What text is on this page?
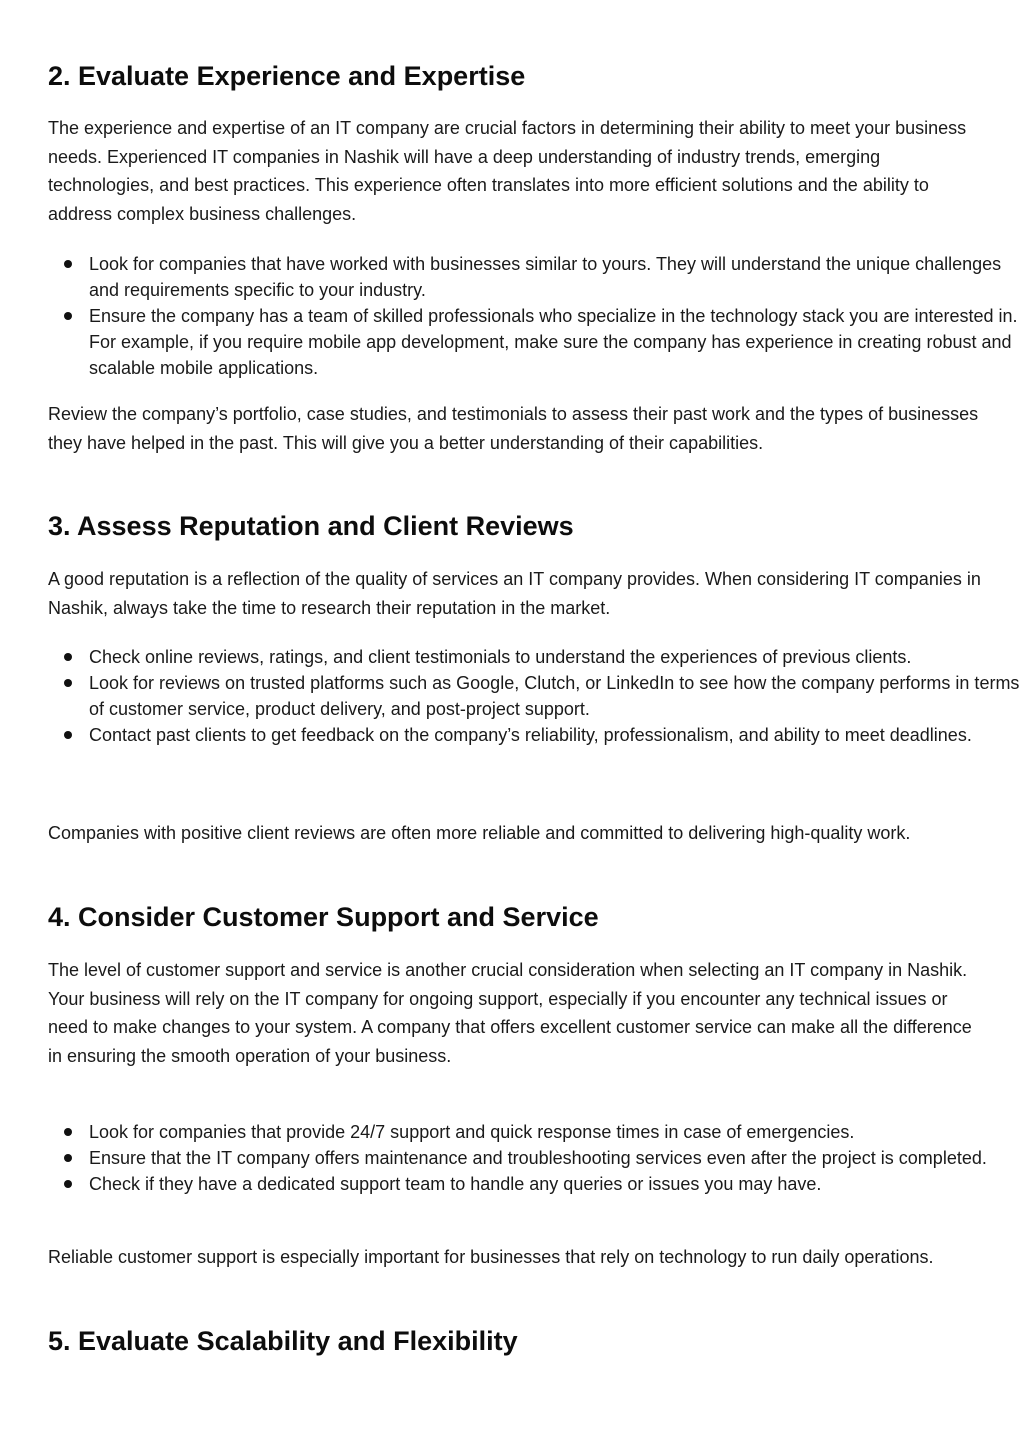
2. Evaluate Experience and Expertise

The experience and expertise of an IT company are crucial factors in determining their ability to meet your business needs. Experienced IT companies in Nashik will have a deep understanding of industry trends, emerging technologies, and best practices. This experience often translates into more efficient solutions and the ability to address complex business challenges.

Look for companies that have worked with businesses similar to yours. They will understand the unique challenges and requirements specific to your industry.
Ensure the company has a team of skilled professionals who specialize in the technology stack you are interested in. For example, if you require mobile app development, make sure the company has experience in creating robust and scalable mobile applications.

Review the company’s portfolio, case studies, and testimonials to assess their past work and the types of businesses they have helped in the past. This will give you a better understanding of their capabilities.

3. Assess Reputation and Client Reviews

A good reputation is a reflection of the quality of services an IT company provides. When considering IT companies in Nashik, always take the time to research their reputation in the market.

Check online reviews, ratings, and client testimonials to understand the experiences of previous clients.
Look for reviews on trusted platforms such as Google, Clutch, or LinkedIn to see how the company performs in terms of customer service, product delivery, and post-project support.
Contact past clients to get feedback on the company’s reliability, professionalism, and ability to meet deadlines.

Companies with positive client reviews are often more reliable and committed to delivering high-quality work.

4. Consider Customer Support and Service

The level of customer support and service is another crucial consideration when selecting an IT company in Nashik. Your business will rely on the IT company for ongoing support, especially if you encounter any technical issues or need to make changes to your system. A company that offers excellent customer service can make all the difference in ensuring the smooth operation of your business.

Look for companies that provide 24/7 support and quick response times in case of emergencies.
Ensure that the IT company offers maintenance and troubleshooting services even after the project is completed.
Check if they have a dedicated support team to handle any queries or issues you may have.

Reliable customer support is especially important for businesses that rely on technology to run daily operations.

5. Evaluate Scalability and Flexibility
